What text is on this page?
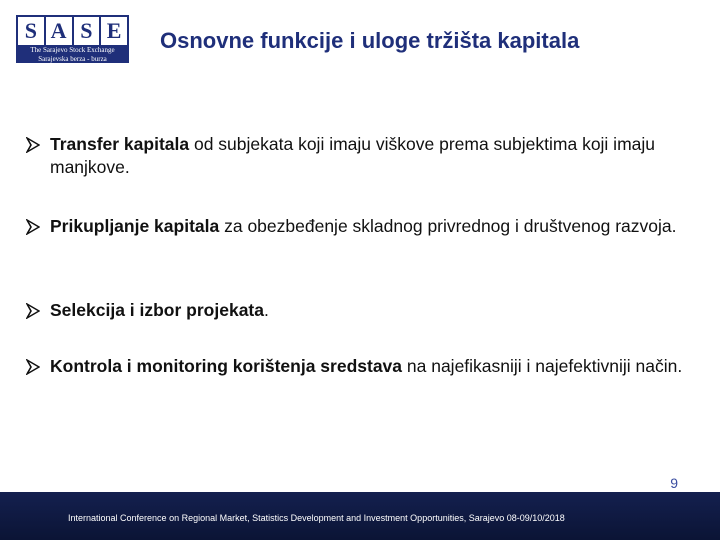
S A S E
The Sarajevo Stock Exchange
Sarajevska berza - burza
Osnovne funkcije i uloge tržišta kapitala
Transfer kapitala od subjekata koji imaju viškove prema subjektima koji imaju manjkove.
Prikupljanje kapitala za obezbeđenje skladnog privrednog i društvenog razvoja.
Selekcija i izbor projekata.
Kontrola i monitoring korištenja sredstava na najefikasniji i najefektivniji način.
9
International Conference on Regional Market, Statistics Development and Investment Opportunities, Sarajevo 08-09/10/2018
